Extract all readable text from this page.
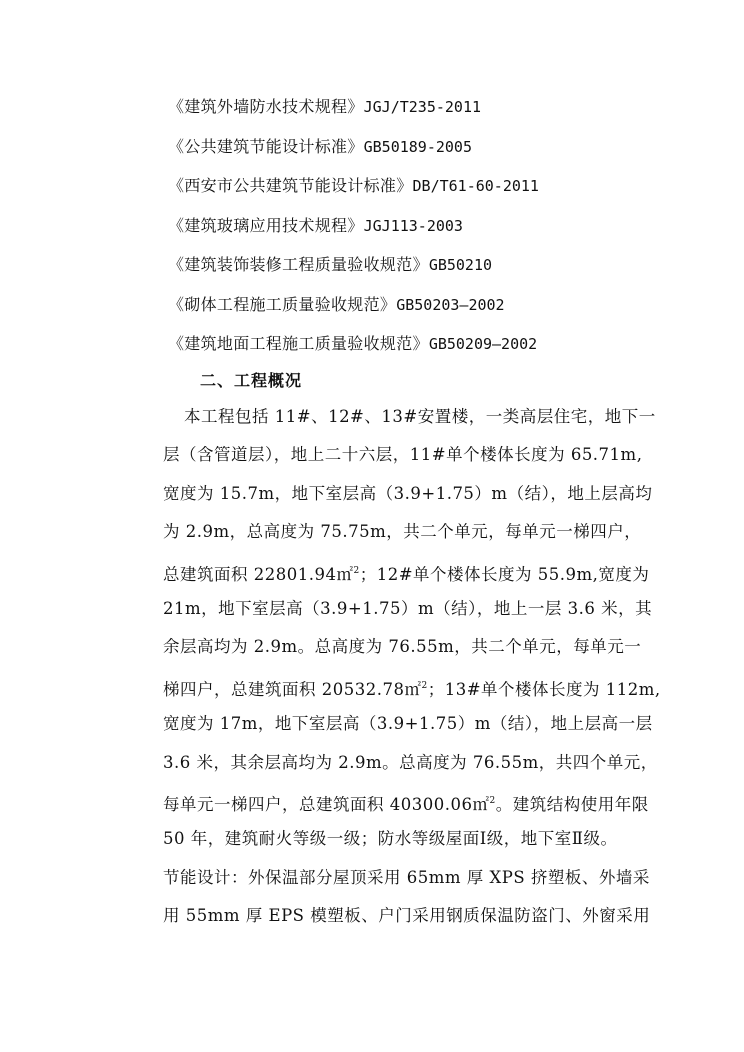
《建筑外墙防水技术规程》JGJ/T235-2011
《公共建筑节能设计标准》GB50189-2005
《西安市公共建筑节能设计标准》DB/T61-60-2011
《建筑玻璃应用技术规程》JGJ113-2003
《建筑装饰装修工程质量验收规范》GB50210
《砌体工程施工质量验收规范》GB50203—2002
《建筑地面工程施工质量验收规范》GB50209—2002
二、工程概况
本工程包括 11#、12#、13#安置楼，一类高层住宅，地下一
层（含管道层），地上二十六层，11#单个楼体长度为 65.71m,
宽度为 15.7m，地下室层高（3.9+1.75）m（结），地上层高均
为 2.9m，总高度为 75.75m，共二个单元，每单元一梯四户，
总建筑面积 22801.94㎡$^2$；12#单个楼体长度为 55.9m,宽度为
21m，地下室层高（3.9+1.75）m（结），地上一层 3.6 米，其
余层高均为 2.9m。总高度为 76.55m，共二个单元，每单元一
梯四户，总建筑面积 20532.78㎡$^2$；13#单个楼体长度为 112m,
宽度为 17m，地下室层高（3.9+1.75）m（结），地上层高一层
3.6 米，其余层高均为 2.9m。总高度为 76.55m，共四个单元，
每单元一梯四户，总建筑面积 40300.06㎡$^2$。建筑结构使用年限
50 年，建筑耐火等级一级；防水等级屋面Ⅰ级，地下室Ⅱ级。
节能设计：外保温部分屋顶采用 65mm 厚 XPS 挤塑板、外墙采
用 55mm 厚 EPS 模塑板、户门采用钢质保温防盗门、外窗采用
